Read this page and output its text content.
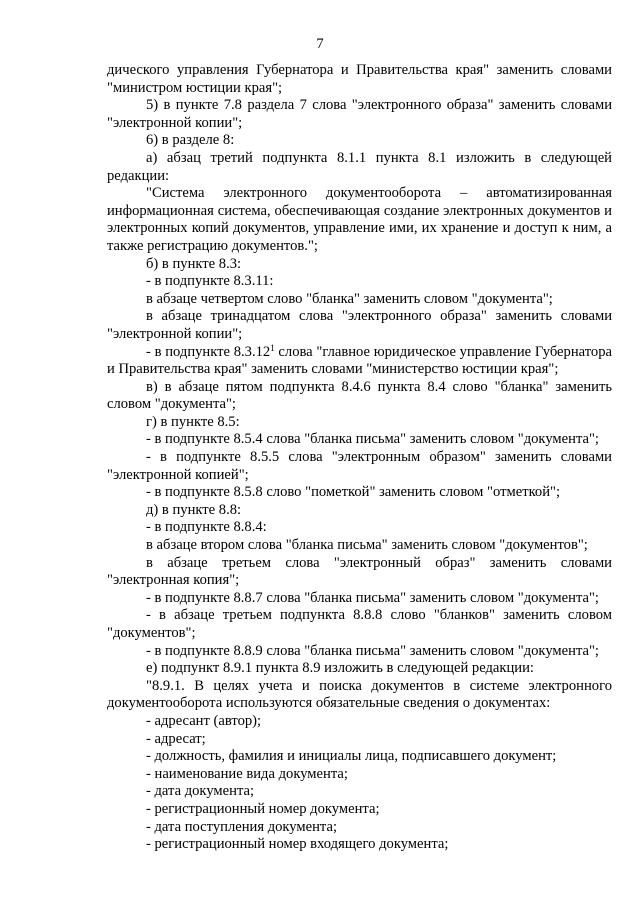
7

дического управления Губернатора и Правительства края" заменить словами "министром юстиции края";

5) в пункте 7.8 раздела 7 слова "электронного образа" заменить словами "электронной копии";

6) в разделе 8:

а) абзац третий подпункта 8.1.1 пункта 8.1 изложить в следующей редакции:

"Система электронного документооборота – автоматизированная информационная система, обеспечивающая создание электронных документов и электронных копий документов, управление ими, их хранение и доступ к ним, а также регистрацию документов.";

б) в пункте 8.3:

- в подпункте 8.3.11:

в абзаце четвертом слово "бланка" заменить словом "документа";

в абзаце тринадцатом слова "электронного образа" заменить словами "электронной копии";

- в подпункте 8.3.12$^1$ слова "главное юридическое управление Губернатора и Правительства края" заменить словами "министерство юстиции края";

в) в абзаце пятом подпункта 8.4.6 пункта 8.4 слово "бланка" заменить словом "документа";

г) в пункте 8.5:

- в подпункте 8.5.4 слова "бланка письма" заменить словом "документа";

- в подпункте 8.5.5 слова "электронным образом" заменить словами "электронной копией";

- в подпункте 8.5.8 слово "пометкой" заменить словом "отметкой";

д) в пункте 8.8:

- в подпункте 8.8.4:

в абзаце втором слова "бланка письма" заменить словом "документов";

в абзаце третьем слова "электронный образ" заменить словами "электронная копия";

- в подпункте 8.8.7 слова "бланка письма" заменить словом "документа";

- в абзаце третьем подпункта 8.8.8 слово "бланков" заменить словом "документов";

- в подпункте 8.8.9 слова "бланка письма" заменить словом "документа";

е) подпункт 8.9.1 пункта 8.9 изложить в следующей редакции:

"8.9.1. В целях учета и поиска документов в системе электронного документооборота используются обязательные сведения о документах:

- адресант (автор);

- адресат;

- должность, фамилия и инициалы лица, подписавшего документ;

- наименование вида документа;

- дата документа;

- регистрационный номер документа;

- дата поступления документа;

- регистрационный номер входящего документа;
